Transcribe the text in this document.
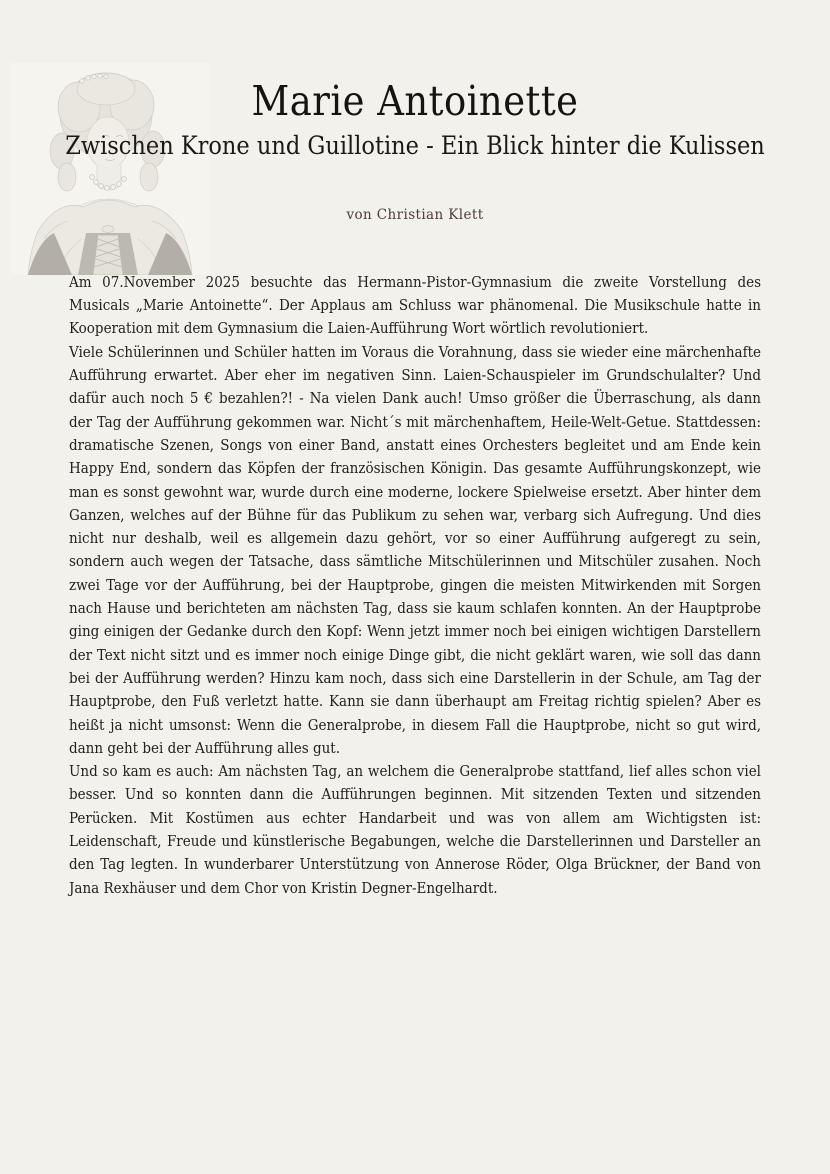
Marie Antoinette
Zwischen Krone und Guillotine - Ein Blick hinter die Kulissen
von Christian Klett

Am 07.November 2025 besuchte das Hermann-Pistor-Gymnasium die zweite Vorstellung des Musicals „Marie Antoinette“. Der Applaus am Schluss war phänomenal. Die Musikschule hatte in Kooperation mit dem Gymnasium die Laien-Aufführung Wort wörtlich revolutioniert.

Viele Schülerinnen und Schüler hatten im Voraus die Vorahnung, dass sie wieder eine märchenhafte Aufführung erwartet. Aber eher im negativen Sinn. Laien-Schauspieler im Grundschulalter? Und dafür auch noch 5 € bezahlen?! - Na vielen Dank auch! Umso größer die Überraschung, als dann der Tag der Aufführung gekommen war. Nicht´s mit märchenhaftem, Heile-Welt-Getue. Stattdessen: dramatische Szenen, Songs von einer Band, anstatt eines Orchesters begleitet und am Ende kein Happy End, sondern das Köpfen der französischen Königin. Das gesamte Aufführungskonzept, wie man es sonst gewohnt war, wurde durch eine moderne, lockere Spielweise ersetzt. Aber hinter dem Ganzen, welches auf der Bühne für das Publikum zu sehen war, verbarg sich Aufregung. Und dies nicht nur deshalb, weil es allgemein dazu gehört, vor so einer Aufführung aufgeregt zu sein, sondern auch wegen der Tatsache, dass sämtliche Mitschülerinnen und Mitschüler zusahen. Noch zwei Tage vor der Aufführung, bei der Hauptprobe, gingen die meisten Mitwirkenden mit Sorgen nach Hause und berichteten am nächsten Tag, dass sie kaum schlafen konnten. An der Hauptprobe ging einigen der Gedanke durch den Kopf: Wenn jetzt immer noch bei einigen wichtigen Darstellern der Text nicht sitzt und es immer noch einige Dinge gibt, die nicht geklärt waren, wie soll das dann bei der Aufführung werden? Hinzu kam noch, dass sich eine Darstellerin in der Schule, am Tag der Hauptprobe, den Fuß verletzt hatte. Kann sie dann überhaupt am Freitag richtig spielen? Aber es heißt ja nicht umsonst: Wenn die Generalprobe, in diesem Fall die Hauptprobe, nicht so gut wird, dann geht bei der Aufführung alles gut.

Und so kam es auch: Am nächsten Tag, an welchem die Generalprobe stattfand, lief alles schon viel besser. Und so konnten dann die Aufführungen beginnen. Mit sitzenden Texten und sitzenden Perücken. Mit Kostümen aus echter Handarbeit und was von allem am Wichtigsten ist: Leidenschaft, Freude und künstlerische Begabungen, welche die Darstellerinnen und Darsteller an den Tag legten. In wunderbarer Unterstützung von Annerose Röder, Olga Brückner, der Band von Jana Rexhäuser und dem Chor von Kristin Degner-Engelhardt.
